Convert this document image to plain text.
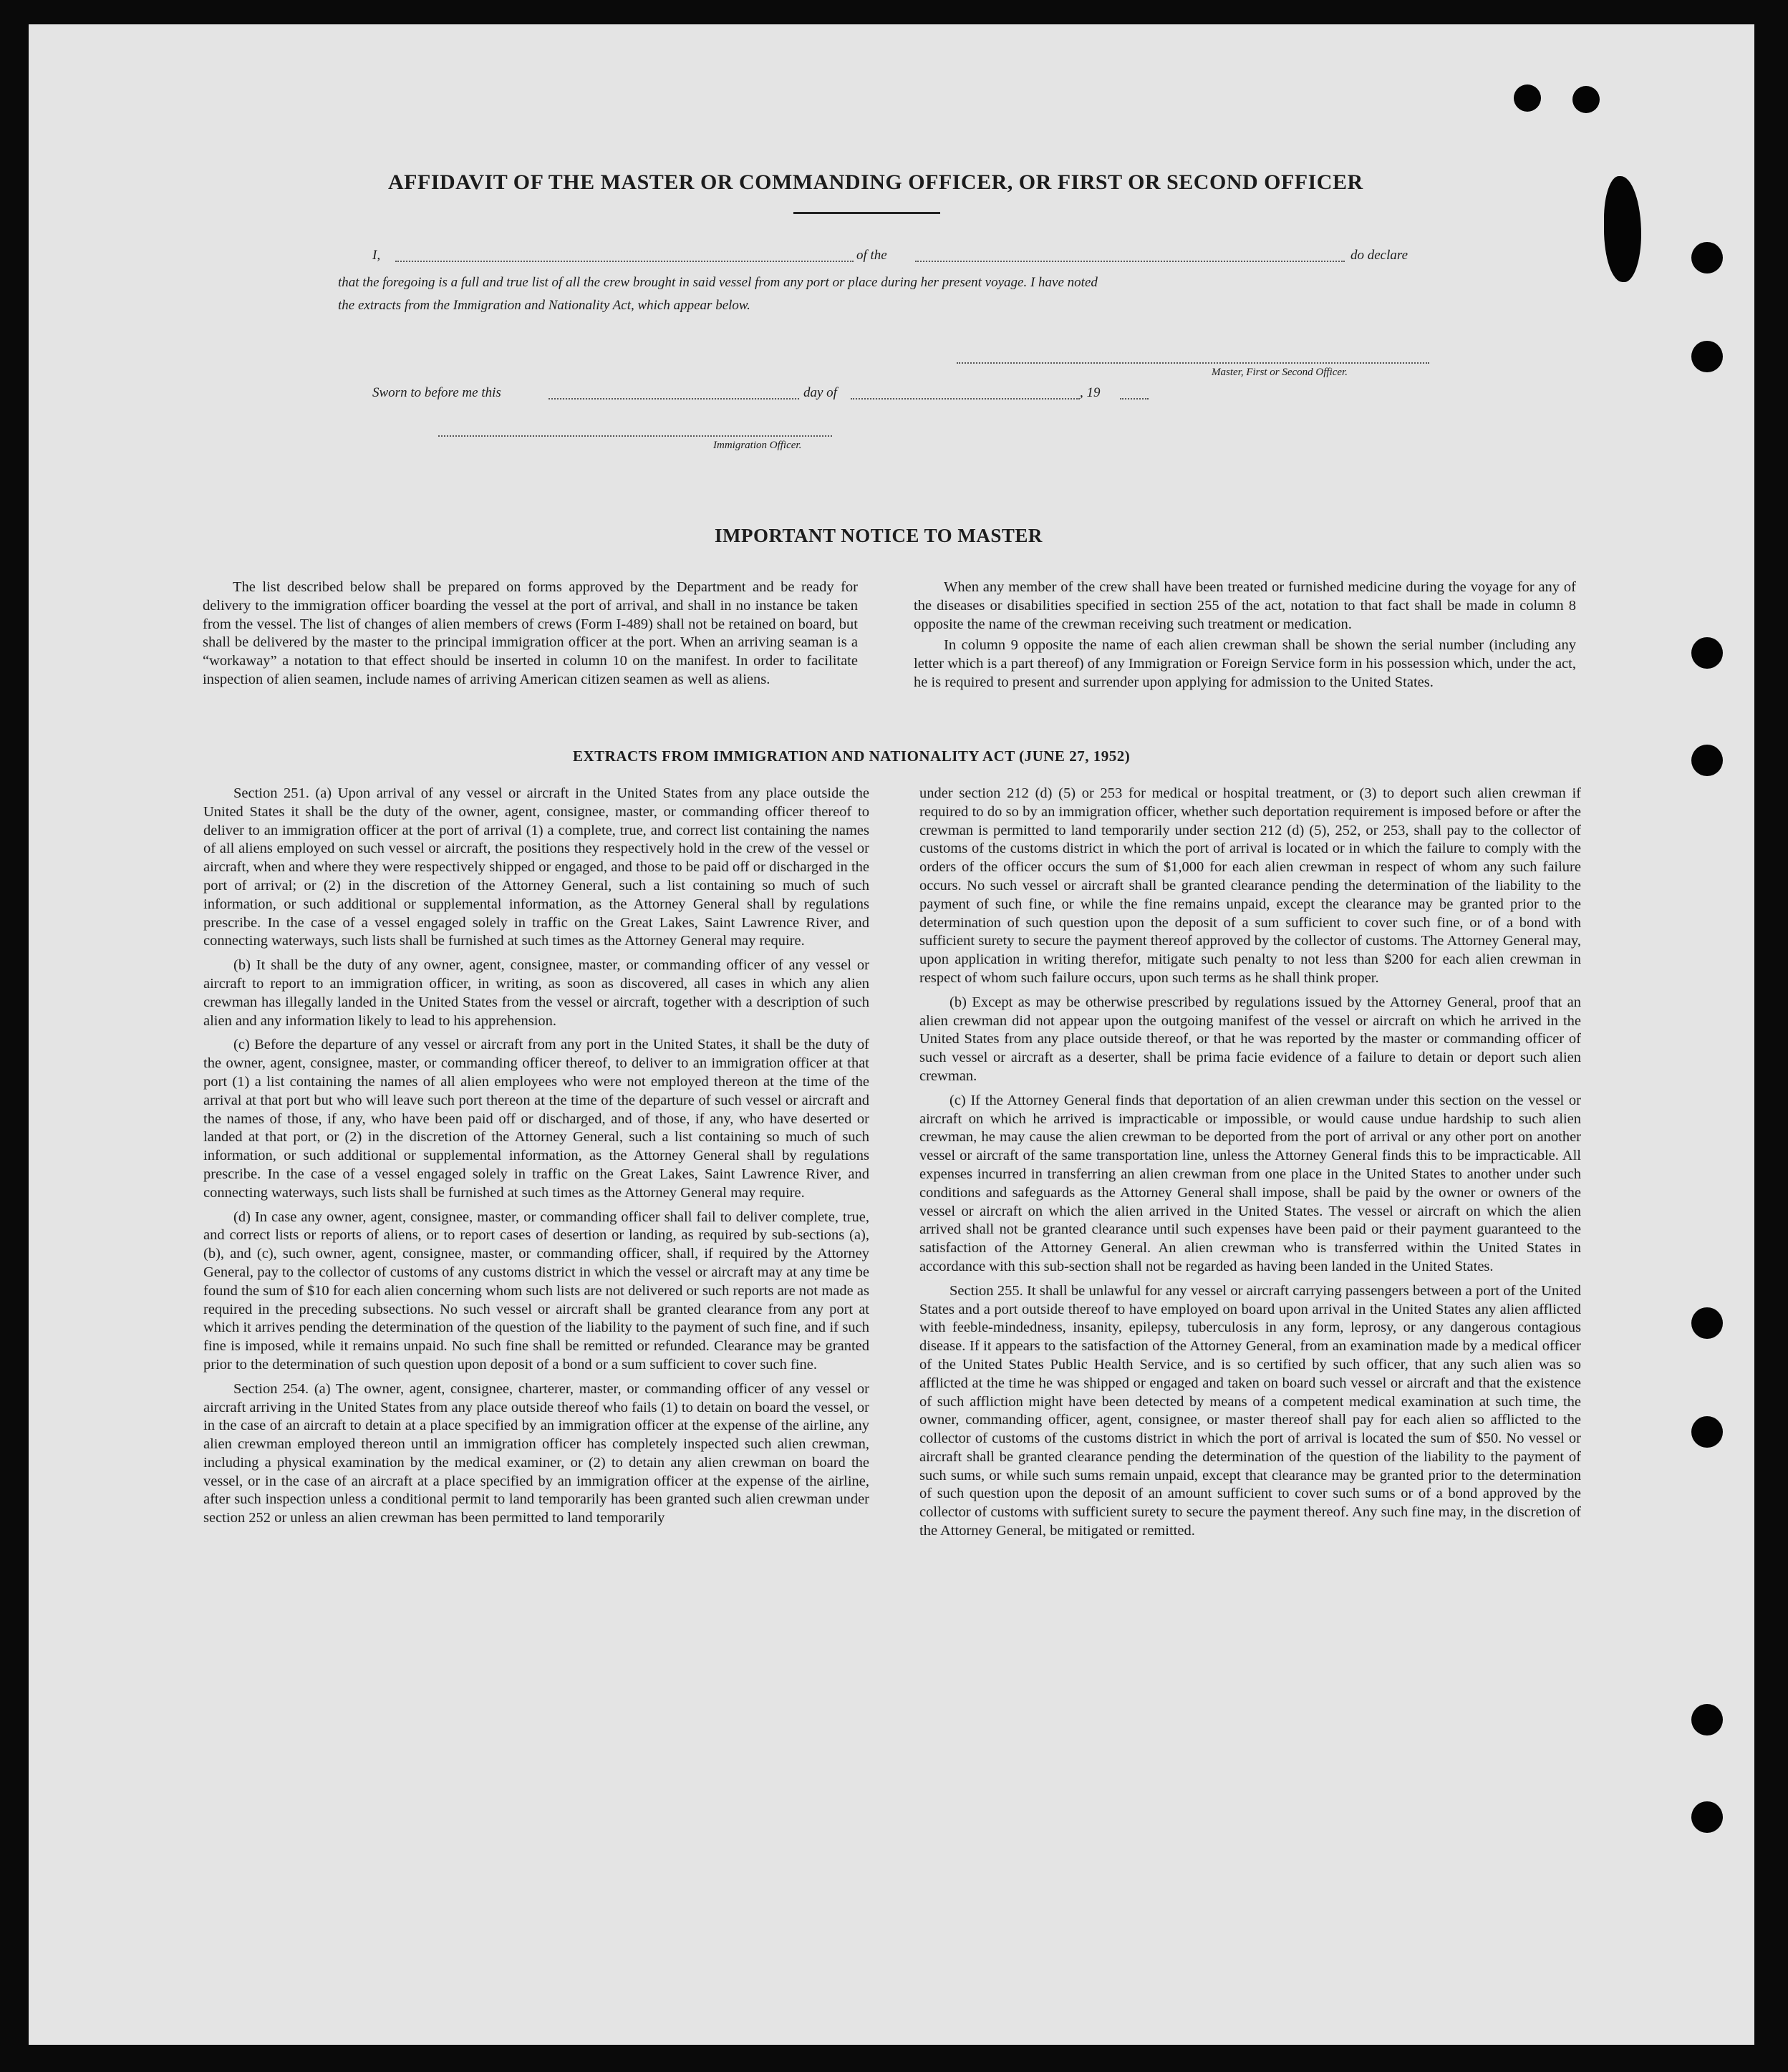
AFFIDAVIT OF THE MASTER OR COMMANDING OFFICER, OR FIRST OR SECOND OFFICER
I,	of the	do declare
that the foregoing is a full and true list of all the crew brought in said vessel from any port or place during her present voyage. I have noted
the extracts from the Immigration and Nationality Act, which appear below.
Master, First or Second Officer.
Sworn to before me this	day of	, 19
Immigration Officer.
IMPORTANT NOTICE TO MASTER

The list described below shall be prepared on forms approved by the Department and be ready for delivery to the immigration officer boarding the vessel at the port of arrival, and shall in no instance be taken from the vessel. The list of changes of alien members of crews (Form I-489) shall not be retained on board, but shall be delivered by the master to the principal immigration officer at the port. When an arriving seaman is a “workaway” a notation to that effect should be inserted in column 10 on the manifest. In order to facilitate inspection of alien seamen, include names of arriving American citizen seamen as well as aliens.

When any member of the crew shall have been treated or furnished medicine during the voyage for any of the diseases or disabilities specified in section 255 of the act, notation to that fact shall be made in column 8 opposite the name of the crewman receiving such treatment or medication.

In column 9 opposite the name of each alien crewman shall be shown the serial number (including any letter which is a part thereof) of any Immigration or Foreign Service form in his possession which, under the act, he is required to present and surrender upon applying for admission to the United States.

EXTRACTS FROM IMMIGRATION AND NATIONALITY ACT (JUNE 27, 1952)

Section 251. (a) Upon arrival of any vessel or aircraft in the United States from any place outside the United States it shall be the duty of the owner, agent, consignee, master, or commanding officer thereof to deliver to an immigration officer at the port of arrival (1) a complete, true, and correct list containing the names of all aliens employed on such vessel or aircraft, the positions they respectively hold in the crew of the vessel or aircraft, when and where they were respectively shipped or engaged, and those to be paid off or discharged in the port of arrival; or (2) in the discretion of the Attorney General, such a list containing so much of such information, or such additional or supplemental information, as the Attorney General shall by regulations prescribe. In the case of a vessel engaged solely in traffic on the Great Lakes, Saint Lawrence River, and connecting waterways, such lists shall be furnished at such times as the Attorney General may require.

(b) It shall be the duty of any owner, agent, consignee, master, or commanding officer of any vessel or aircraft to report to an immigration officer, in writing, as soon as discovered, all cases in which any alien crewman has illegally landed in the United States from the vessel or aircraft, together with a description of such alien and any information likely to lead to his apprehension.

(c) Before the departure of any vessel or aircraft from any port in the United States, it shall be the duty of the owner, agent, consignee, master, or commanding officer thereof, to deliver to an immigration officer at that port (1) a list containing the names of all alien employees who were not employed thereon at the time of the arrival at that port but who will leave such port thereon at the time of the departure of such vessel or aircraft and the names of those, if any, who have been paid off or discharged, and of those, if any, who have deserted or landed at that port, or (2) in the discretion of the Attorney General, such a list containing so much of such information, or such additional or supplemental information, as the Attorney General shall by regulations prescribe. In the case of a vessel engaged solely in traffic on the Great Lakes, Saint Lawrence River, and connecting waterways, such lists shall be furnished at such times as the Attorney General may require.

(d) In case any owner, agent, consignee, master, or commanding officer shall fail to deliver complete, true, and correct lists or reports of aliens, or to report cases of desertion or landing, as required by sub-sections (a), (b), and (c), such owner, agent, consignee, master, or commanding officer, shall, if required by the Attorney General, pay to the collector of customs of any customs district in which the vessel or aircraft may at any time be found the sum of $10 for each alien concerning whom such lists are not delivered or such reports are not made as required in the preceding subsections. No such vessel or aircraft shall be granted clearance from any port at which it arrives pending the determination of the question of the liability to the payment of such fine, and if such fine is imposed, while it remains unpaid. No such fine shall be remitted or refunded. Clearance may be granted prior to the determination of such question upon deposit of a bond or a sum sufficient to cover such fine.

Section 254. (a) The owner, agent, consignee, charterer, master, or commanding officer of any vessel or aircraft arriving in the United States from any place outside thereof who fails (1) to detain on board the vessel, or in the case of an aircraft to detain at a place specified by an immigration officer at the expense of the airline, any alien crewman employed thereon until an immigration officer has completely inspected such alien crewman, including a physical examination by the medical examiner, or (2) to detain any alien crewman on board the vessel, or in the case of an aircraft at a place specified by an immigration officer at the expense of the airline, after such inspection unless a conditional permit to land temporarily has been granted such alien crewman under section 252 or unless an alien crewman has been permitted to land temporarily

under section 212 (d) (5) or 253 for medical or hospital treatment, or (3) to deport such alien crewman if required to do so by an immigration officer, whether such deportation requirement is imposed before or after the crewman is permitted to land temporarily under section 212 (d) (5), 252, or 253, shall pay to the collector of customs of the customs district in which the port of arrival is located or in which the failure to comply with the orders of the officer occurs the sum of $1,000 for each alien crewman in respect of whom any such failure occurs. No such vessel or aircraft shall be granted clearance pending the determination of the liability to the payment of such fine, or while the fine remains unpaid, except the clearance may be granted prior to the determination of such question upon the deposit of a sum sufficient to cover such fine, or of a bond with sufficient surety to secure the payment thereof approved by the collector of customs. The Attorney General may, upon application in writing therefor, mitigate such penalty to not less than $200 for each alien crewman in respect of whom such failure occurs, upon such terms as he shall think proper.

(b) Except as may be otherwise prescribed by regulations issued by the Attorney General, proof that an alien crewman did not appear upon the outgoing manifest of the vessel or aircraft on which he arrived in the United States from any place outside thereof, or that he was reported by the master or commanding officer of such vessel or aircraft as a deserter, shall be prima facie evidence of a failure to detain or deport such alien crewman.

(c) If the Attorney General finds that deportation of an alien crewman under this section on the vessel or aircraft on which he arrived is impracticable or impossible, or would cause undue hardship to such alien crewman, he may cause the alien crewman to be deported from the port of arrival or any other port on another vessel or aircraft of the same transportation line, unless the Attorney General finds this to be impracticable. All expenses incurred in transferring an alien crewman from one place in the United States to another under such conditions and safeguards as the Attorney General shall impose, shall be paid by the owner or owners of the vessel or aircraft on which the alien arrived in the United States. The vessel or aircraft on which the alien arrived shall not be granted clearance until such expenses have been paid or their payment guaranteed to the satisfaction of the Attorney General. An alien crewman who is transferred within the United States in accordance with this sub-section shall not be regarded as having been landed in the United States.

Section 255. It shall be unlawful for any vessel or aircraft carrying passengers between a port of the United States and a port outside thereof to have employed on board upon arrival in the United States any alien afflicted with feeble-mindedness, insanity, epilepsy, tuberculosis in any form, leprosy, or any dangerous contagious disease. If it appears to the satisfaction of the Attorney General, from an examination made by a medical officer of the United States Public Health Service, and is so certified by such officer, that any such alien was so afflicted at the time he was shipped or engaged and taken on board such vessel or aircraft and that the existence of such affliction might have been detected by means of a competent medical examination at such time, the owner, commanding officer, agent, consignee, or master thereof shall pay for each alien so afflicted to the collector of customs of the customs district in which the port of arrival is located the sum of $50. No vessel or aircraft shall be granted clearance pending the determination of the question of the liability to the payment of such sums, or while such sums remain unpaid, except that clearance may be granted prior to the determination of such question upon the deposit of an amount sufficient to cover such sums or of a bond approved by the collector of customs with sufficient surety to secure the payment thereof. Any such fine may, in the discretion of the Attorney General, be mitigated or remitted.
